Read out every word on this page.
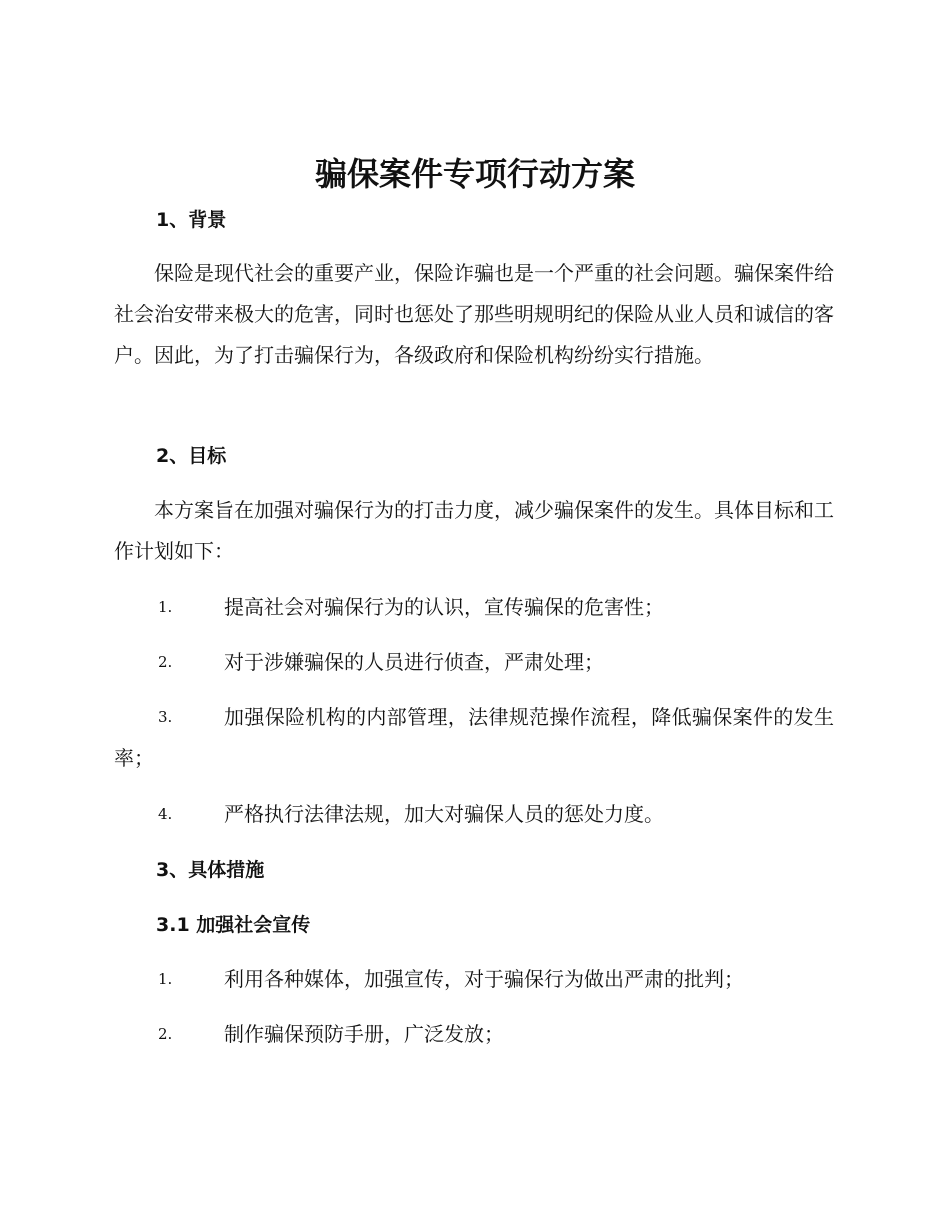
骗保案件专项行动方案
1、背景
保险是现代社会的重要产业，保险诈骗也是一个严重的社会问题。骗保案件给社会治安带来极大的危害，同时也惩处了那些明规明纪的保险从业人员和诚信的客户。因此，为了打击骗保行为，各级政府和保险机构纷纷实行措施。
2、目标
本方案旨在加强对骗保行为的打击力度，减少骗保案件的发生。具体目标和工作计划如下：
1.	提高社会对骗保行为的认识，宣传骗保的危害性；
2.	对于涉嫌骗保的人员进行侦查，严肃处理；
3.	加强保险机构的内部管理，法律规范操作流程，降低骗保案件的发生率；
4.	严格执行法律法规，加大对骗保人员的惩处力度。
3、具体措施
3.1 加强社会宣传
1.	利用各种媒体，加强宣传，对于骗保行为做出严肃的批判；
2.	制作骗保预防手册，广泛发放；
